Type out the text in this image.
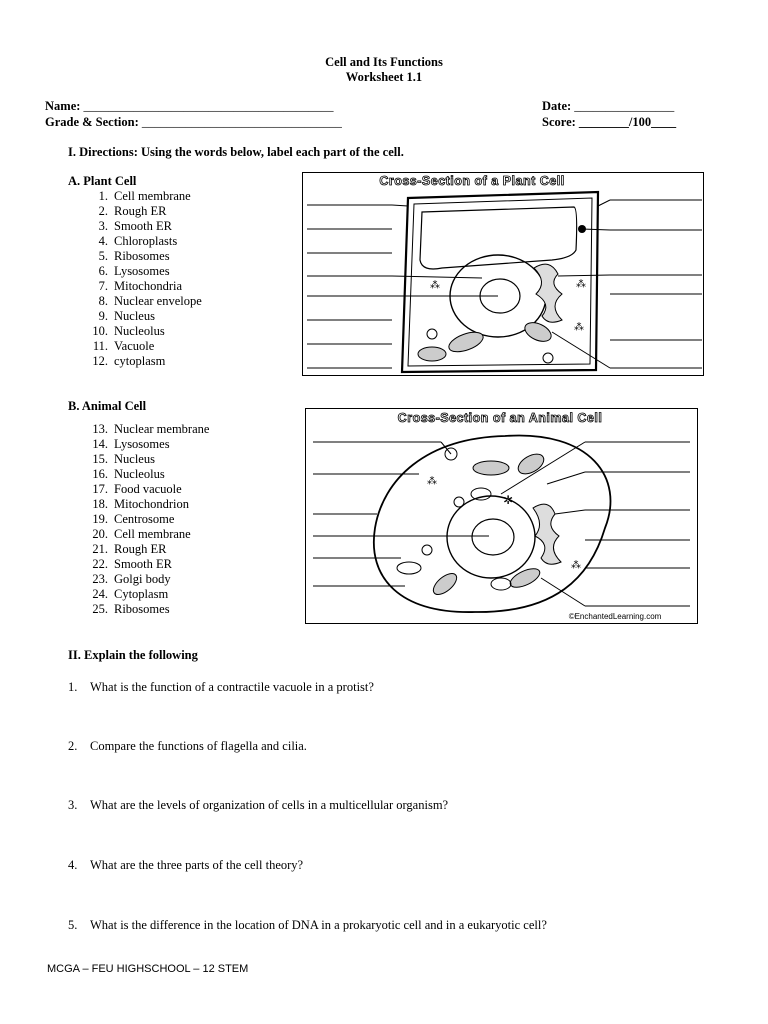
Cell and Its Functions
Worksheet 1.1
Name: ________________________________________	Date: ________________
Grade & Section: ________________________________	Score: ________/100____
I. Directions: Using the words below, label each part of the cell.
A. Plant Cell
1. Cell membrane
2. Rough ER
3. Smooth ER
4. Chloroplasts
5. Ribosomes
6. Lysosomes
7. Mitochondria
8. Nuclear envelope
9. Nucleus
10. Nucleolus
11. Vacuole
12. cytoplasm
B. Animal Cell
13. Nuclear membrane
14. Lysosomes
15. Nucleus
16. Nucleolus
17. Food vacuole
18. Mitochondrion
19. Centrosome
20. Cell membrane
21. Rough ER
22. Smooth ER
23. Golgi body
24. Cytoplasm
25. Ribosomes
Cross-Section of a Plant Cell
⁂
⁂
⁂
Cross-Section of an Animal Cell
✲
⁂
⁂
©EnchantedLearning.com
II. Explain the following
1. What is the function of a contractile vacuole in a protist?
2. Compare the functions of flagella and cilia.
3. What are the levels of organization of cells in a multicellular organism?
4. What are the three parts of the cell theory?
5. What is the difference in the location of DNA in a prokaryotic cell and in a eukaryotic cell?
MCGA – FEU HIGHSCHOOL – 12 STEM
